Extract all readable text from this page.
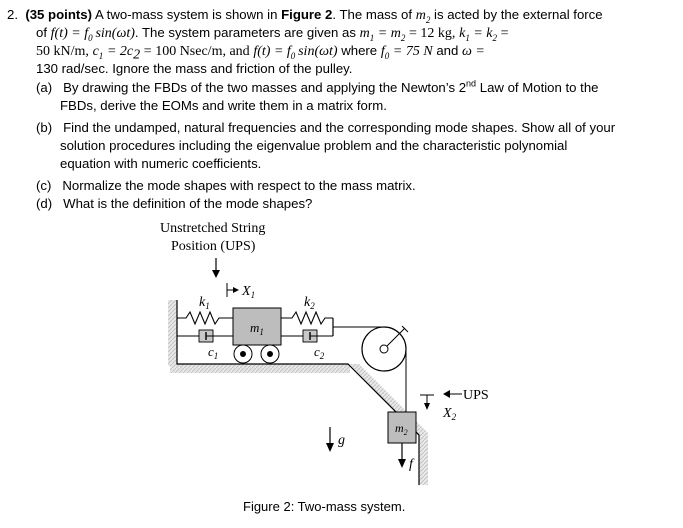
2. (35 points) A two-mass system is shown in Figure 2. The mass of $m_2$ is acted by the external force
of $f(t) = f_0$  sin(ωt). The system parameters are given as $m_1 = m_2 = 12$ kg, $k_1 = k_2$ =
50 kN/m, $c_1 = 2c_2 = 100$ Nsec/m, and $f(t) = f_0$  sin(ωt) where $f_0 = 75$ N and ω =
130 rad/sec. Ignore the mass and friction of the pulley.
(a) By drawing the FBDs of the two masses and applying the Newton’s 2nd Law of Motion to the
FBDs, derive the EOMs and write them in a matrix form.
(b) Find the undamped, natural frequencies and the corresponding mode shapes. Show all of your
solution procedures including the eigenvalue problem and the characteristic polynomial
equation with numeric coefficients.
(c) Normalize the mode shapes with respect to the mass matrix.
(d) What is the definition of the mode shapes?
Unstretched String
Position (UPS)
$X_1$
$k_1$
$c_1$
$m_1$
$k_2$
$c_2$
$m_2$
f
g
UPS
$X_2$
Figure 2: Two-mass system.
